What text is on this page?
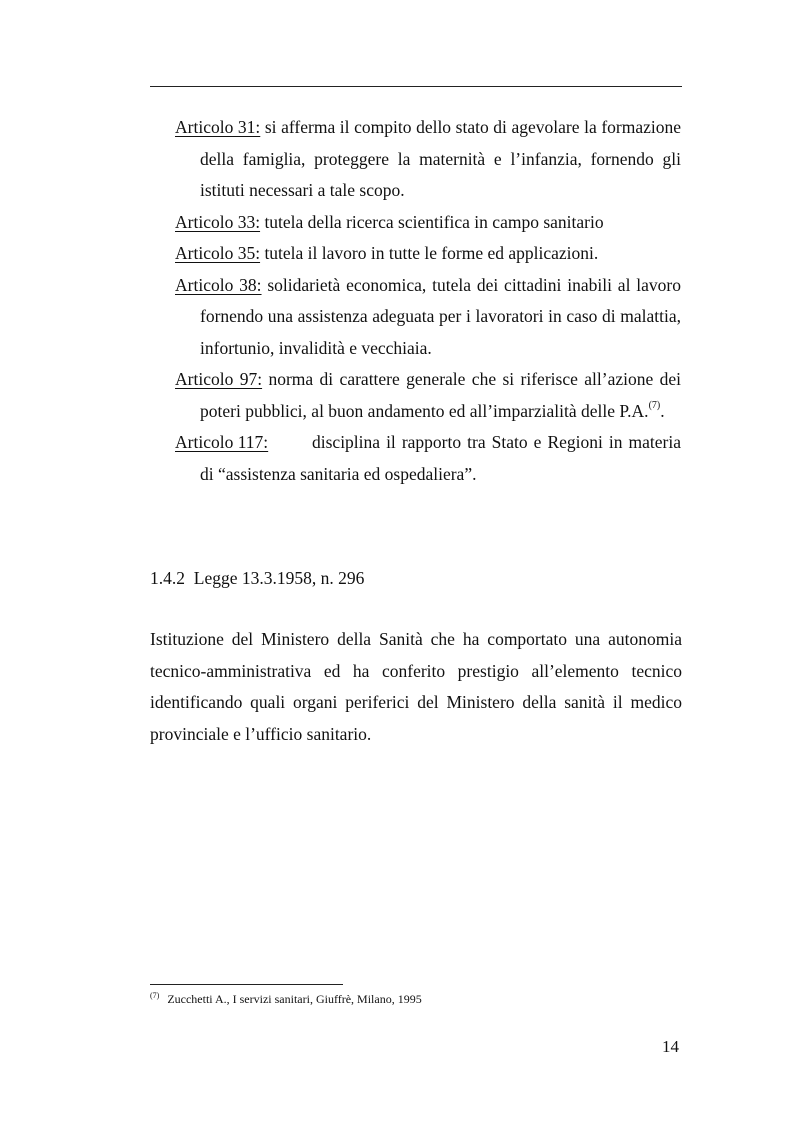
Articolo 31: si afferma il compito dello stato di agevolare la formazione della famiglia, proteggere la maternità e l’infanzia, fornendo gli istituti necessari a tale scopo.

Articolo 33: tutela della ricerca scientifica in campo sanitario

Articolo 35: tutela il lavoro in tutte le forme ed applicazioni.

Articolo 38: solidarietà economica, tutela dei cittadini inabili al lavoro fornendo una assistenza adeguata per i lavoratori in caso di malattia, infortunio, invalidità e vecchiaia.

Articolo 97: norma di carattere generale che si riferisce all’azione dei poteri pubblici, al buon andamento ed all’imparzialità delle P.A.$^{(7)}$.

Articolo 117:	disciplina il rapporto tra Stato e Regioni in materia di “assistenza sanitaria ed ospedaliera”.

1.4.2 Legge 13.3.1958, n. 296

Istituzione del Ministero della Sanità che ha comportato una autonomia tecnico-amministrativa ed ha conferito prestigio all’elemento tecnico identificando quali organi periferici del Ministero della sanità il medico provinciale e l’ufficio sanitario.

$^{(7)}$ Zucchetti A., I servizi sanitari, Giuffrè, Milano, 1995
14
